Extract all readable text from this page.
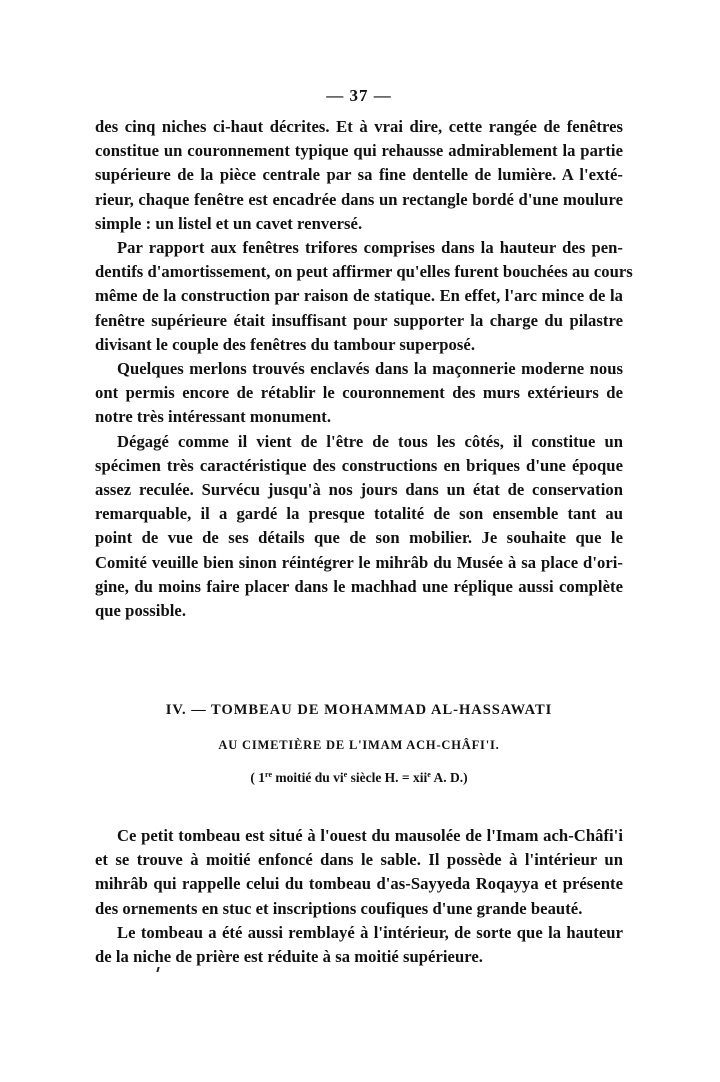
— 37 —

des cinq niches ci-haut décrites. Et à vrai dire, cette rangée de fenêtres
constitue un couronnement typique qui rehausse admirablement la partie
supérieure de la pièce centrale par sa fine dentelle de lumière. A l'exté-
rieur, chaque fenêtre est encadrée dans un rectangle bordé d'une moulure
simple : un listel et un cavet renversé.

Par rapport aux fenêtres trifores comprises dans la hauteur des pen-
dentifs d'amortissement, on peut affirmer qu'elles furent bouchées au cours
même de la construction par raison de statique. En effet, l'arc mince de la
fenêtre supérieure était insuffisant pour supporter la charge du pilastre
divisant le couple des fenêtres du tambour superposé.

Quelques merlons trouvés enclavés dans la maçonnerie moderne nous
ont permis encore de rétablir le couronnement des murs extérieurs de
notre très intéressant monument.

Dégagé comme il vient de l'être de tous les côtés, il constitue un
spécimen très caractéristique des constructions en briques d'une époque
assez reculée. Survécu jusqu'à nos jours dans un état de conservation
remarquable, il a gardé la presque totalité de son ensemble tant au
point de vue de ses détails que de son mobilier. Je souhaite que le
Comité veuille bien sinon réintégrer le mihrâb du Musée à sa place d'ori-
gine, du moins faire placer dans le machhad une réplique aussi complète
que possible.

IV. — TOMBEAU DE MOHAMMAD AL-HASSAWATI
AU CIMETIÈRE DE L'IMAM ACH-CHÂFI'I.
( 1re moitié du $vi^e$ siècle H. = xii$^e$ A. D.)

Ce petit tombeau est situé à l'ouest du mausolée de l'Imam ach-Châfi'i
et se trouve à moitié enfoncé dans le sable. Il possède à l'intérieur un
mihrâb qui rappelle celui du tombeau d'as-Sayyeda Roqayya et présente
des ornements en stuc et inscriptions coufiques d'une grande beauté.

Le tombeau a été aussi remblayé à l'intérieur, de sorte que la hauteur
de la niche de prière est réduite à sa moitié supérieure.
